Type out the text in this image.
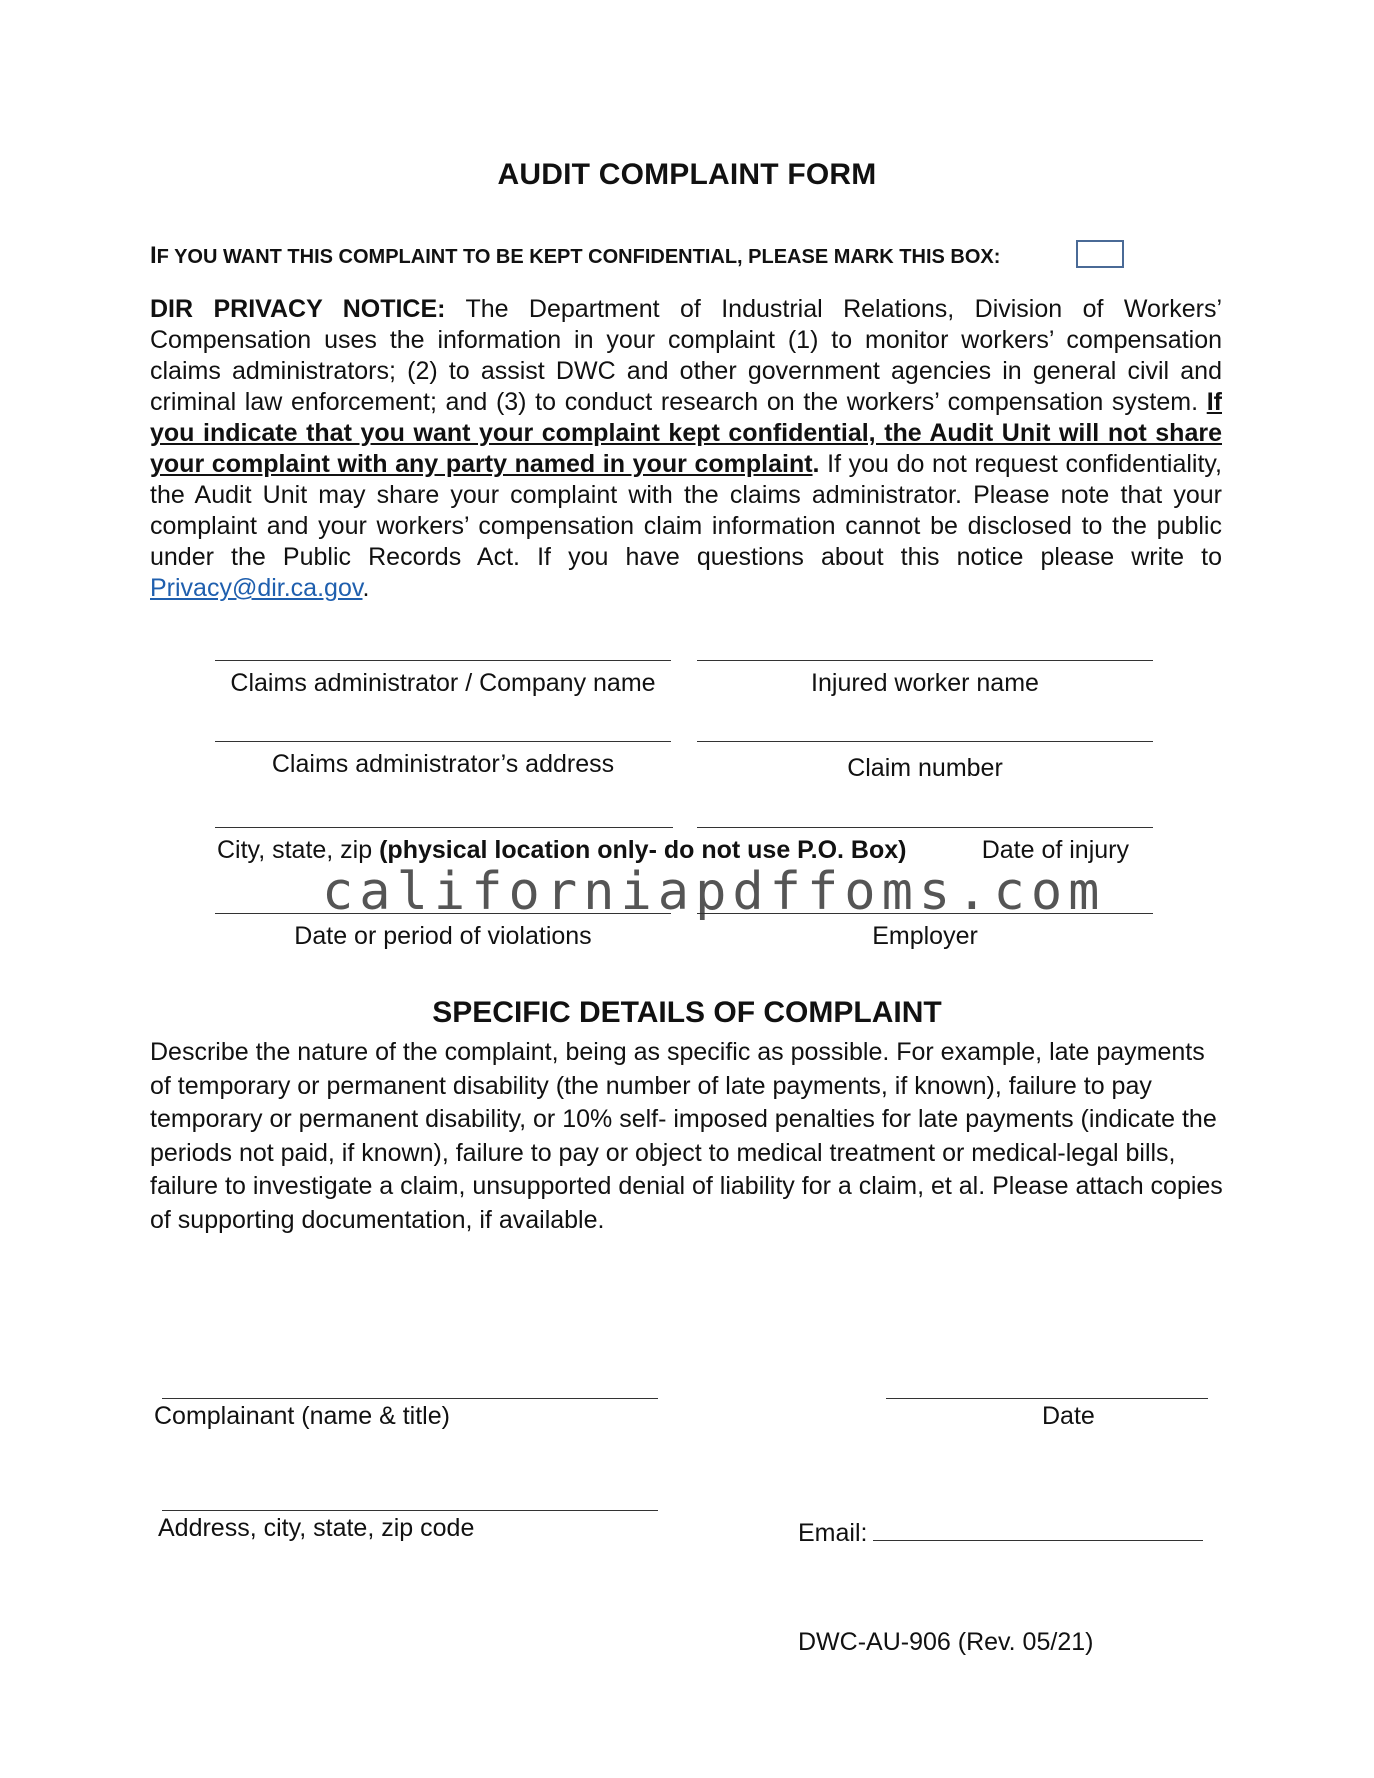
AUDIT COMPLAINT FORM
IF YOU WANT THIS COMPLAINT TO BE KEPT CONFIDENTIAL, PLEASE MARK THIS BOX:

DIR PRIVACY NOTICE: The Department of Industrial Relations, Division of Workers’ Compensation uses the information in your complaint (1) to monitor workers’ compensation claims administrators; (2) to assist DWC and other government agencies in general civil and criminal law enforcement; and (3) to conduct research on the workers’ compensation system. If you indicate that you want your complaint kept confidential, the Audit Unit will not share your complaint with any party named in your complaint. If you do not request confidentiality, the Audit Unit may share your complaint with the claims administrator. Please note that your complaint and your workers’ compensation claim information cannot be disclosed to the public under the Public Records Act. If you have questions about this notice please write to Privacy@dir.ca.gov.

Claims administrator / Company name	Injured worker name
Claims administrator’s address	Claim number
City, state, zip (physical location only- do not use P.O. Box)	Date of injury
californiapdffoms.com
Date or period of violations	Employer
SPECIFIC DETAILS OF COMPLAINT
Describe the nature of the complaint, being as specific as possible. For example, late payments of temporary or permanent disability (the number of late payments, if known), failure to pay temporary or permanent disability, or 10% self- imposed penalties for late payments (indicate the periods not paid, if known), failure to pay or object to medical treatment or medical-legal bills, failure to investigate a claim, unsupported denial of liability for a claim, et al. Please attach copies of supporting documentation, if available.
Complainant (name & title)	Date
Address, city, state, zip code	Email:
DWC-AU-906 (Rev. 05/21)
